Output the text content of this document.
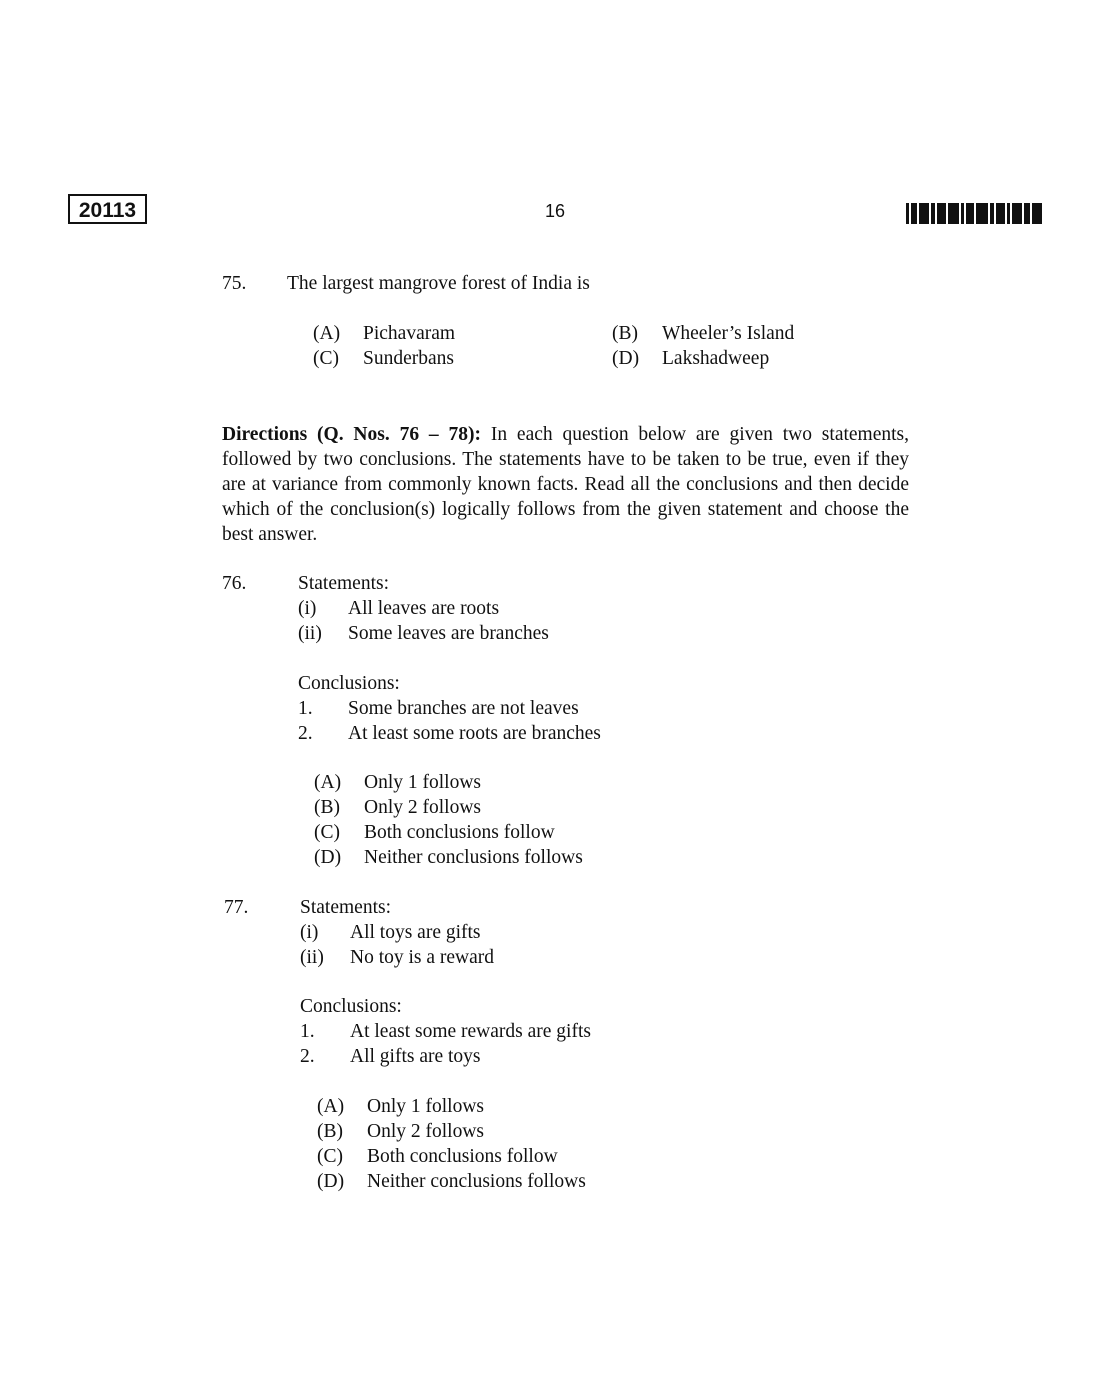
20113	16
75. The largest mangrove forest of India is
(A) Pichavaram	(B) Wheeler’s Island
(C) Sunderbans	(D) Lakshadweep
Directions (Q. Nos. 76 – 78): In each question below are given two statements, followed by two conclusions. The statements have to be taken to be true, even if they are at variance from commonly known facts. Read all the conclusions and then decide which of the conclusion(s) logically follows from the given statement and choose the best answer.
76.	Statements:
(i) All leaves are roots
(ii) Some leaves are branches
Conclusions:
1. Some branches are not leaves
2. At least some roots are branches
(A) Only 1 follows
(B) Only 2 follows
(C) Both conclusions follow
(D) Neither conclusions follows
77.	Statements:
(i) All toys are gifts
(ii) No toy is a reward
Conclusions:
1. At least some rewards are gifts
2. All gifts are toys
(A) Only 1 follows
(B) Only 2 follows
(C) Both conclusions follow
(D) Neither conclusions follows
